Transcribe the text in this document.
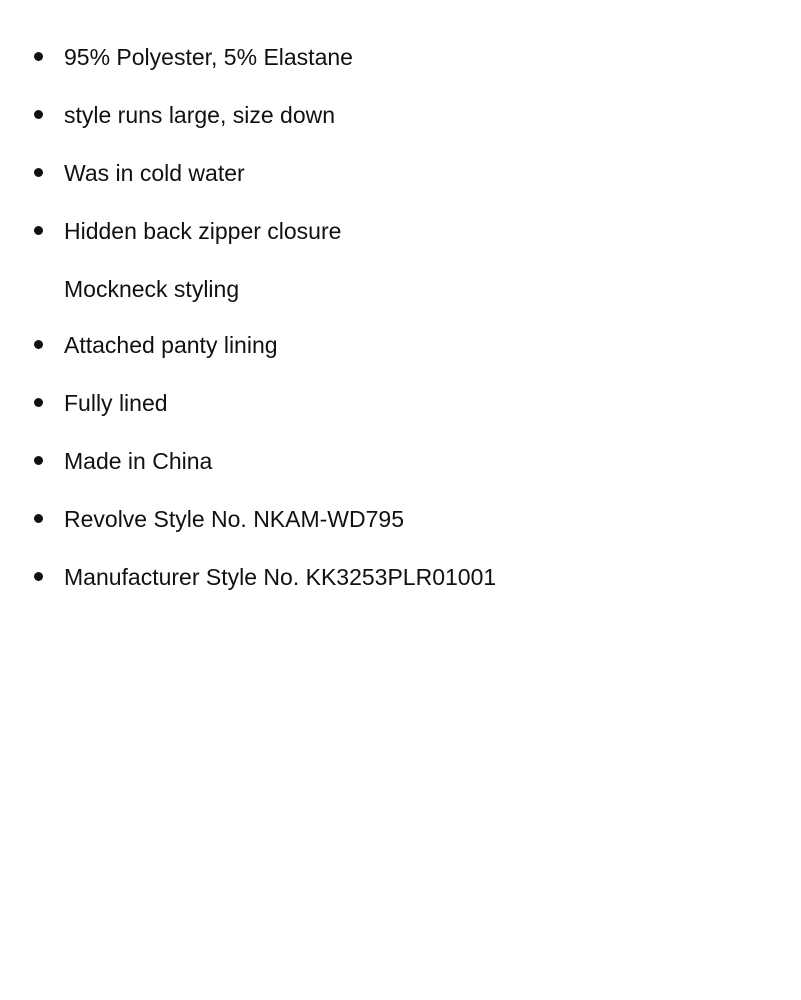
95% Polyester, 5% Elastane
style runs large, size down
Was in cold water
Hidden back zipper closure
Mockneck styling
Attached panty lining
Fully lined
Made in China
Revolve Style No. NKAM-WD795
Manufacturer Style No. KK3253PLR01001
